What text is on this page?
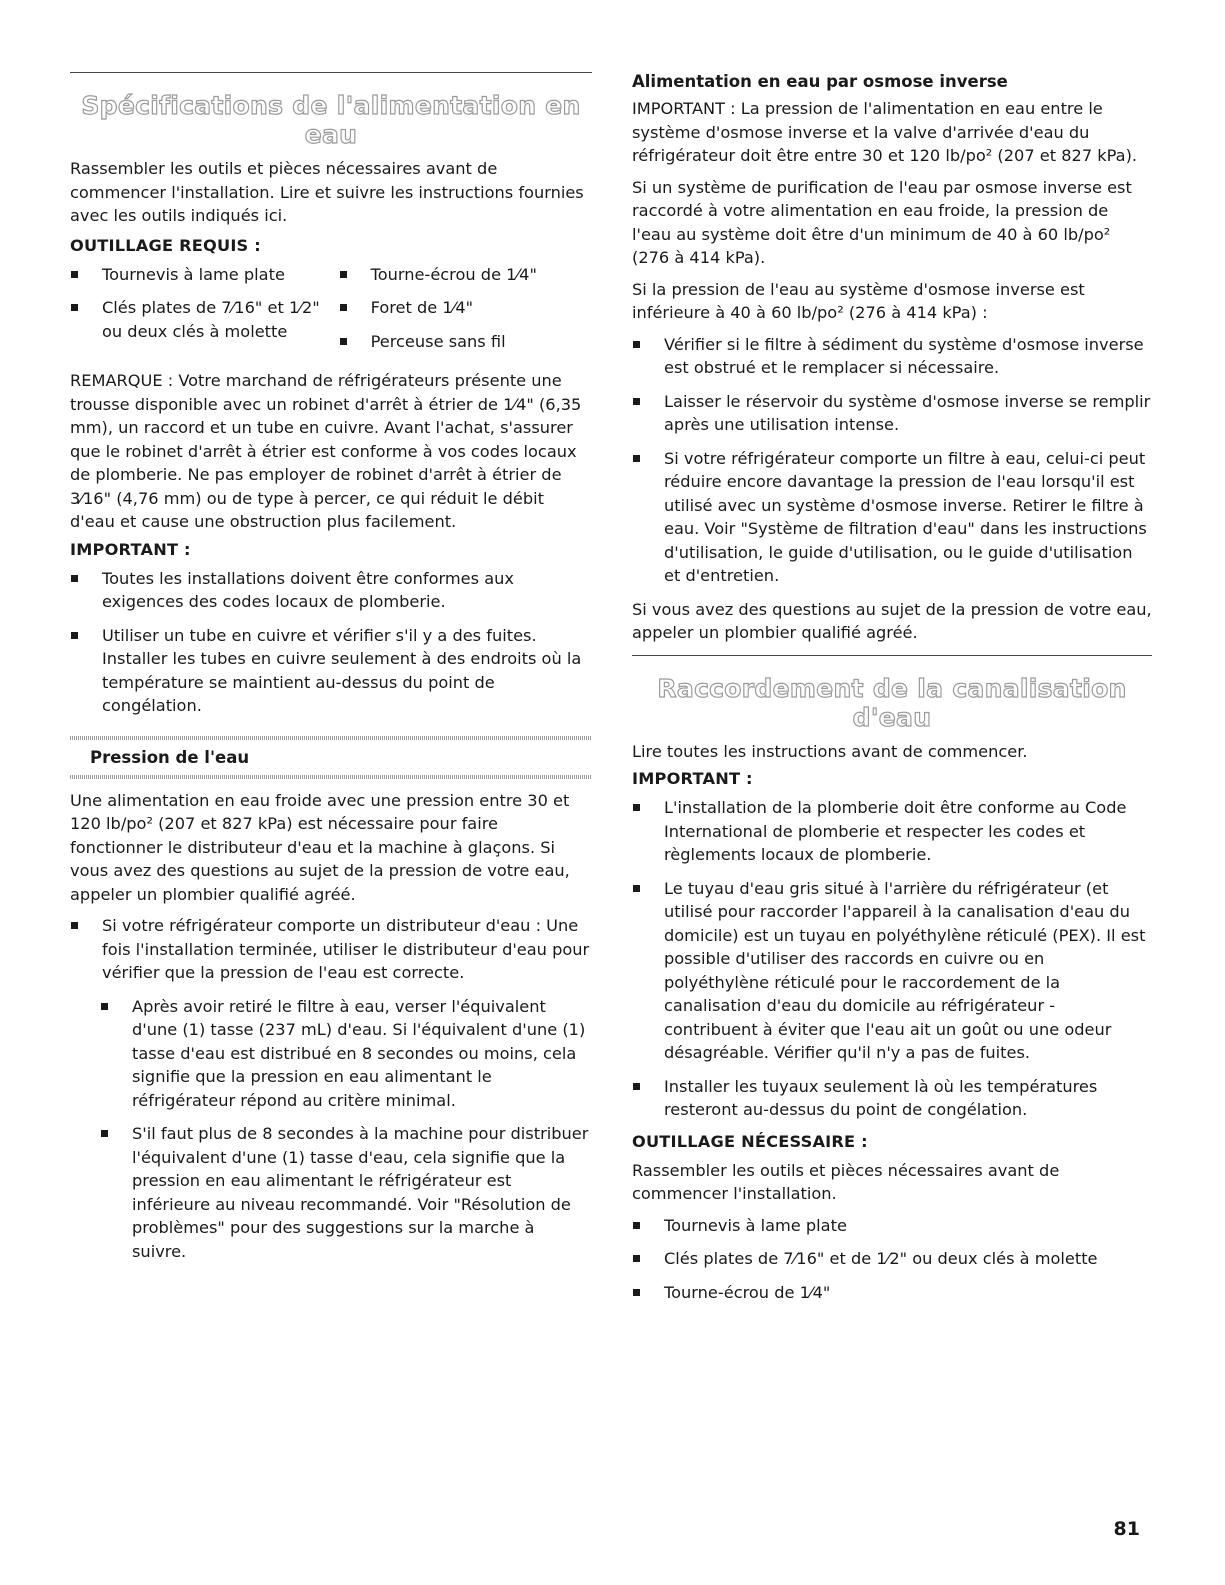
Spécifications de l'alimentation en eau

Rassembler les outils et pièces nécessaires avant de commencer l'installation. Lire et suivre les instructions fournies avec les outils indiqués ici.

OUTILLAGE REQUIS :
Tournevis à lame plate
Clés plates de 7⁄16" et 1⁄2" ou deux clés à molette
Tourne-écrou de 1⁄4"
Foret de 1⁄4"
Perceuse sans fil

REMARQUE : Votre marchand de réfrigérateurs présente une trousse disponible avec un robinet d'arrêt à étrier de 1⁄4" (6,35 mm), un raccord et un tube en cuivre. Avant l'achat, s'assurer que le robinet d'arrêt à étrier est conforme à vos codes locaux de plomberie. Ne pas employer de robinet d'arrêt à étrier de 3⁄16" (4,76 mm) ou de type à percer, ce qui réduit le débit d'eau et cause une obstruction plus facilement.

IMPORTANT :
Toutes les installations doivent être conformes aux exigences des codes locaux de plomberie.
Utiliser un tube en cuivre et vérifier s'il y a des fuites. Installer les tubes en cuivre seulement à des endroits où la température se maintient au-dessus du point de congélation.
Pression de l'eau

Une alimentation en eau froide avec une pression entre 30 et 120 lb/po² (207 et 827 kPa) est nécessaire pour faire fonctionner le distributeur d'eau et la machine à glaçons. Si vous avez des questions au sujet de la pression de votre eau, appeler un plombier qualifié agréé.

Si votre réfrigérateur comporte un distributeur d'eau : Une fois l'installation terminée, utiliser le distributeur d'eau pour vérifier que la pression de l'eau est correcte.
Après avoir retiré le filtre à eau, verser l'équivalent d'une (1) tasse (237 mL) d'eau. Si l'équivalent d'une (1) tasse d'eau est distribué en 8 secondes ou moins, cela signifie que la pression en eau alimentant le réfrigérateur répond au critère minimal.
S'il faut plus de 8 secondes à la machine pour distribuer l'équivalent d'une (1) tasse d'eau, cela signifie que la pression en eau alimentant le réfrigérateur est inférieure au niveau recommandé. Voir "Résolution de problèmes" pour des suggestions sur la marche à suivre.
Alimentation en eau par osmose inverse

IMPORTANT : La pression de l'alimentation en eau entre le système d'osmose inverse et la valve d'arrivée d'eau du réfrigérateur doit être entre 30 et 120 lb/po² (207 et 827 kPa).

Si un système de purification de l'eau par osmose inverse est raccordé à votre alimentation en eau froide, la pression de l'eau au système doit être d'un minimum de 40 à 60 lb/po² (276 à 414 kPa).

Si la pression de l'eau au système d'osmose inverse est inférieure à 40 à 60 lb/po² (276 à 414 kPa) :

Vérifier si le filtre à sédiment du système d'osmose inverse est obstrué et le remplacer si nécessaire.
Laisser le réservoir du système d'osmose inverse se remplir après une utilisation intense.
Si votre réfrigérateur comporte un filtre à eau, celui-ci peut réduire encore davantage la pression de l'eau lorsqu'il est utilisé avec un système d'osmose inverse. Retirer le filtre à eau. Voir "Système de filtration d'eau" dans les instructions d'utilisation, le guide d'utilisation, ou le guide d'utilisation et d'entretien.

Si vous avez des questions au sujet de la pression de votre eau, appeler un plombier qualifié agréé.

Raccordement de la canalisation d'eau

Lire toutes les instructions avant de commencer.

IMPORTANT :
L'installation de la plomberie doit être conforme au Code International de plomberie et respecter les codes et règlements locaux de plomberie.
Le tuyau d'eau gris situé à l'arrière du réfrigérateur (et utilisé pour raccorder l'appareil à la canalisation d'eau du domicile) est un tuyau en polyéthylène réticulé (PEX). Il est possible d'utiliser des raccords en cuivre ou en polyéthylène réticulé pour le raccordement de la canalisation d'eau du domicile au réfrigérateur - contribuent à éviter que l'eau ait un goût ou une odeur désagréable. Vérifier qu'il n'y a pas de fuites.
Installer les tuyaux seulement là où les températures resteront au-dessus du point de congélation.
OUTILLAGE NÉCESSAIRE :

Rassembler les outils et pièces nécessaires avant de commencer l'installation.

Tournevis à lame plate
Clés plates de 7⁄16" et de 1⁄2" ou deux clés à molette
Tourne-écrou de 1⁄4"
81
